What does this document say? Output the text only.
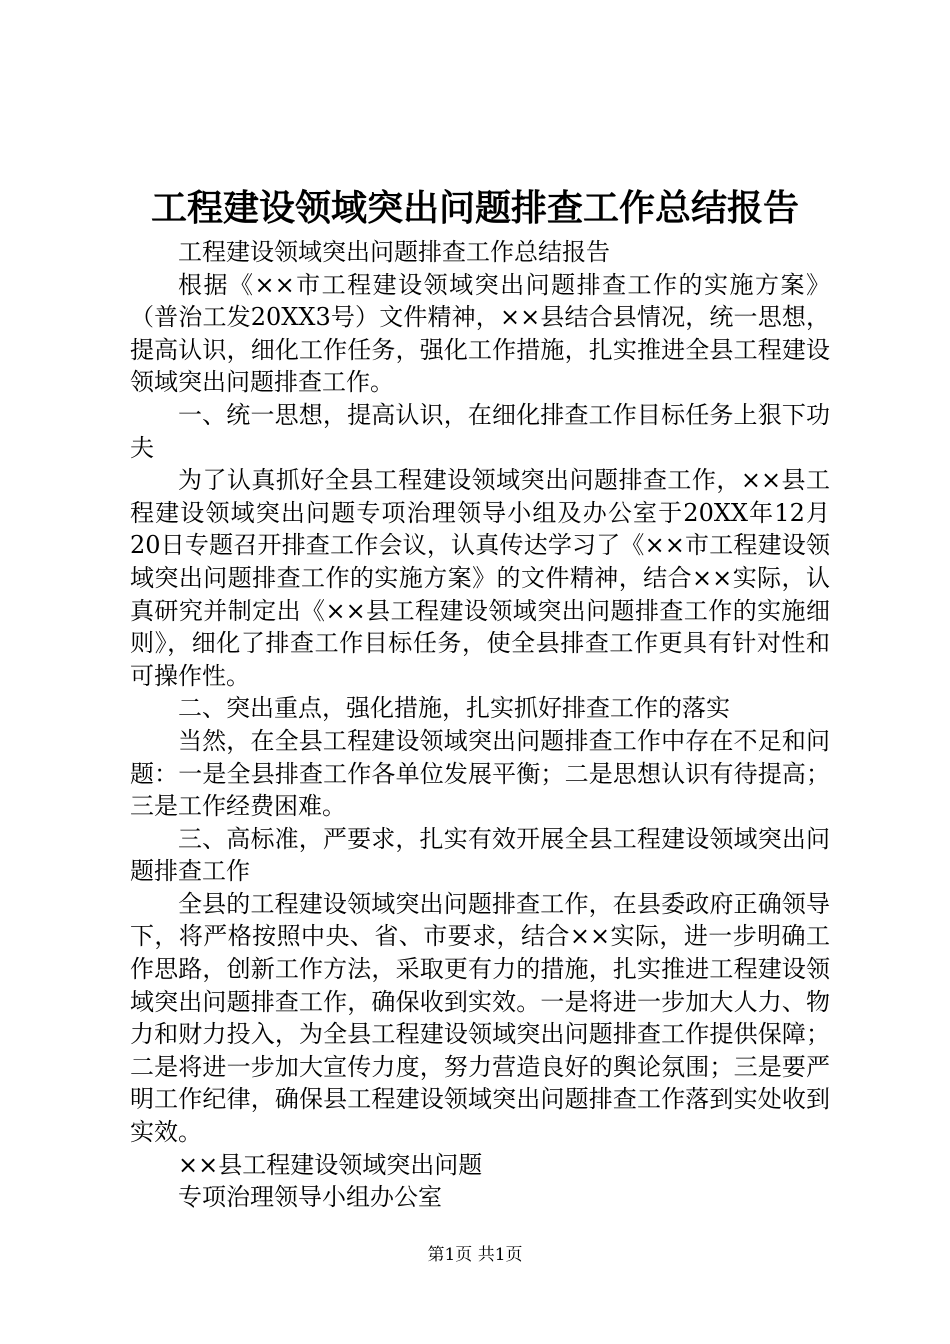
工程建设领域突出问题排查工作总结报告

工程建设领域突出问题排查工作总结报告

根据《××市工程建设领域突出问题排查工作的实施方案》（普治工发20XX3号）文件精神，××县结合县情况，统一思想，提高认识，细化工作任务，强化工作措施，扎实推进全县工程建设领域突出问题排查工作。

一、统一思想，提高认识，在细化排查工作目标任务上狠下功夫

为了认真抓好全县工程建设领域突出问题排查工作，××县工程建设领域突出问题专项治理领导小组及办公室于20XX年12月20日专题召开排查工作会议，认真传达学习了《××市工程建设领域突出问题排查工作的实施方案》的文件精神，结合××实际，认真研究并制定出《××县工程建设领域突出问题排查工作的实施细则》，细化了排查工作目标任务，使全县排查工作更具有针对性和可操作性。

二、突出重点，强化措施，扎实抓好排查工作的落实

当然，在全县工程建设领域突出问题排查工作中存在不足和问题：一是全县排查工作各单位发展平衡；二是思想认识有待提高；三是工作经费困难。

三、高标准，严要求，扎实有效开展全县工程建设领域突出问题排查工作

全县的工程建设领域突出问题排查工作，在县委政府正确领导下，将严格按照中央、省、市要求，结合××实际，进一步明确工作思路，创新工作方法，采取更有力的措施，扎实推进工程建设领域突出问题排查工作，确保收到实效。一是将进一步加大人力、物力和财力投入，为全县工程建设领域突出问题排查工作提供保障；二是将进一步加大宣传力度，努力营造良好的舆论氛围；三是要严明工作纪律，确保县工程建设领域突出问题排查工作落到实处收到实效。

××县工程建设领域突出问题

专项治理领导小组办公室

第1页 共1页
